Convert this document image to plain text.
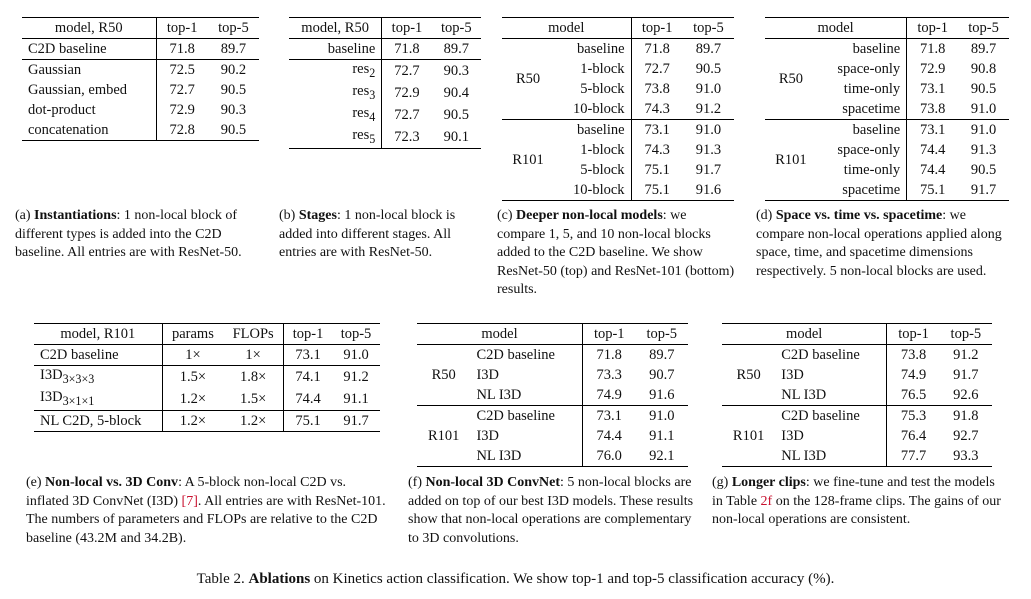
model, R50	top-1	top-5
C2D baseline	71.8	89.7
Gaussian	72.5	90.2
Gaussian, embed	72.7	90.5
dot-product	72.9	90.3
concatenation	72.8	90.5
model, R50	top-1	top-5
baseline	71.8	89.7
res$_2$	72.7	90.3
res$_3$	72.9	90.4
res$_4$	72.7	90.5
res$_5$	72.3	90.1
model		top-1	top-5
R50	baseline	71.8	89.7
	1-block	72.7	90.5
	5-block	73.8	91.0
	10-block	74.3	91.2
R101	baseline	73.1	91.0
	1-block	74.3	91.3
	5-block	75.1	91.7
	10-block	75.1	91.6
model		top-1	top-5
R50	baseline	71.8	89.7
	space-only	72.9	90.8
	time-only	73.1	90.5
	spacetime	73.8	91.0
R101	baseline	73.1	91.0
	space-only	74.4	91.3
	time-only	74.4	90.5
	spacetime	75.1	91.7

(a) Instantiations: 1 non-local block of different types is added into the C2D baseline. All entries are with ResNet-50.

(b) Stages: 1 non-local block is added into different stages. All entries are with ResNet-50.

(c) Deeper non-local models: we compare 1, 5, and 10 non-local blocks added to the C2D baseline. We show ResNet-50 (top) and ResNet-101 (bottom) results.

(d) Space vs. time vs. spacetime: we compare non-local operations applied along space, time, and spacetime dimensions respectively. 5 non-local blocks are used.

model, R101	params	FLOPs	top-1	top-5
C2D baseline	1×	1×	73.1	91.0
$I3D_{3\times 3\times 3}$	1.5×	1.8×	74.1	91.2
$I3D_{3\times 1\times 1}$	1.2×	1.5×	74.4	91.1
NL C2D, 5-block	1.2×	1.2×	75.1	91.7
model		top-1	top-5
R50	C2D baseline	71.8	89.7
	I3D	73.3	90.7
	NL I3D	74.9	91.6
R101	C2D baseline	73.1	91.0
	I3D	74.4	91.1
	NL I3D	76.0	92.1
model		top-1	top-5
R50	C2D baseline	73.8	91.2
	I3D	74.9	91.7
	NL I3D	76.5	92.6
R101	C2D baseline	75.3	91.8
	I3D	76.4	92.7
	NL I3D	77.7	93.3

(e) Non-local vs. 3D Conv: A 5-block non-local C2D vs. inflated 3D ConvNet (I3D) [7]. All entries are with ResNet-101. The numbers of parameters and FLOPs are relative to the C2D baseline (43.2M and 34.2B).

(f) Non-local 3D ConvNet: 5 non-local blocks are added on top of our best I3D models. These results show that non-local operations are complementary to 3D convolutions.

(g) Longer clips: we fine-tune and test the models in Table 2f on the 128-frame clips. The gains of our non-local operations are consistent.

Table 2. Ablations on Kinetics action classification. We show top-1 and top-5 classification accuracy (%).
